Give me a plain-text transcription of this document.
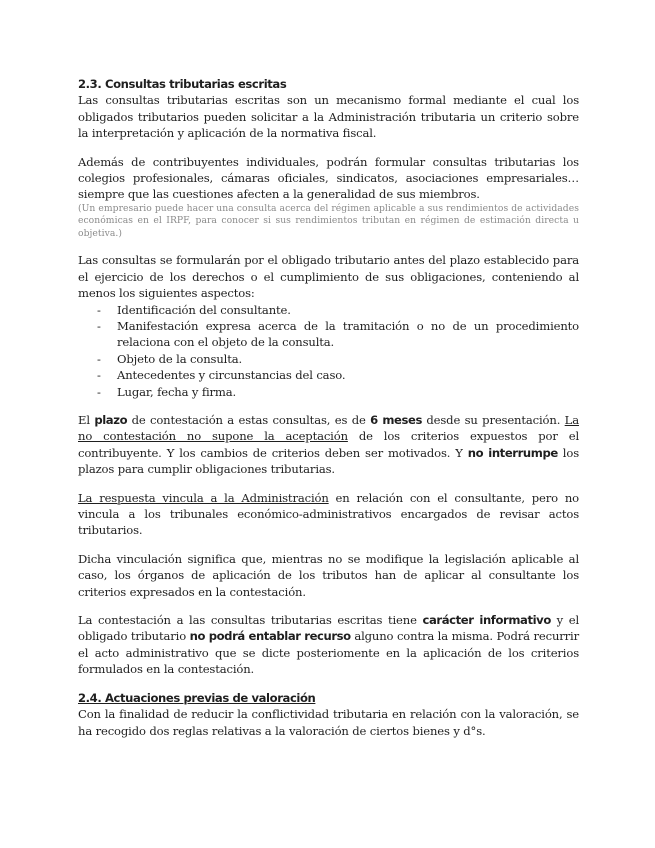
2.3. Consultas tributarias escritas

Las consultas tributarias escritas son un mecanismo formal mediante el cual los obligados tributarios pueden solicitar a la Administración tributaria un criterio sobre la interpretación y aplicación de la normativa fiscal.

Además de contribuyentes individuales, podrán formular consultas tributarias los colegios profesionales, cámaras oficiales, sindicatos, asociaciones empresariales… siempre que las cuestiones afecten a la generalidad de sus miembros.

(Un empresario puede hacer una consulta acerca del régimen aplicable a sus rendimientos de actividades económicas en el IRPF, para conocer si sus rendimientos tributan en régimen de estimación directa u objetiva.)

Las consultas se formularán por el obligado tributario antes del plazo establecido para el ejercicio de los derechos o el cumplimiento de sus obligaciones, conteniendo al menos los siguientes aspectos:

- Identificación del consultante.
- Manifestación expresa acerca de la tramitación o no de un procedimiento relaciona con el objeto de la consulta.
- Objeto de la consulta.
- Antecedentes y circunstancias del caso.
- Lugar, fecha y firma.

El plazo de contestación a estas consultas, es de 6 meses desde su presentación. La no contestación no supone la aceptación de los criterios expuestos por el contribuyente. Y los cambios de criterios deben ser motivados. Y no interrumpe los plazos para cumplir obligaciones tributarias.

La respuesta vincula a la Administración en relación con el consultante, pero no vincula a los tribunales económico-administrativos encargados de revisar actos tributarios.

Dicha vinculación significa que, mientras no se modifique la legislación aplicable al caso, los órganos de aplicación de los tributos han de aplicar al consultante los criterios expresados en la contestación.

La contestación a las consultas tributarias escritas tiene carácter informativo y el obligado tributario no podrá entablar recurso alguno contra la misma. Podrá recurrir el acto administrativo que se dicte posteriomente en la aplicación de los criterios formulados en la contestación.

2.4. Actuaciones previas de valoración

Con la finalidad de reducir la conflictividad tributaria en relación con la valoración, se ha recogido dos reglas relativas a la valoración de ciertos bienes y d°s.
